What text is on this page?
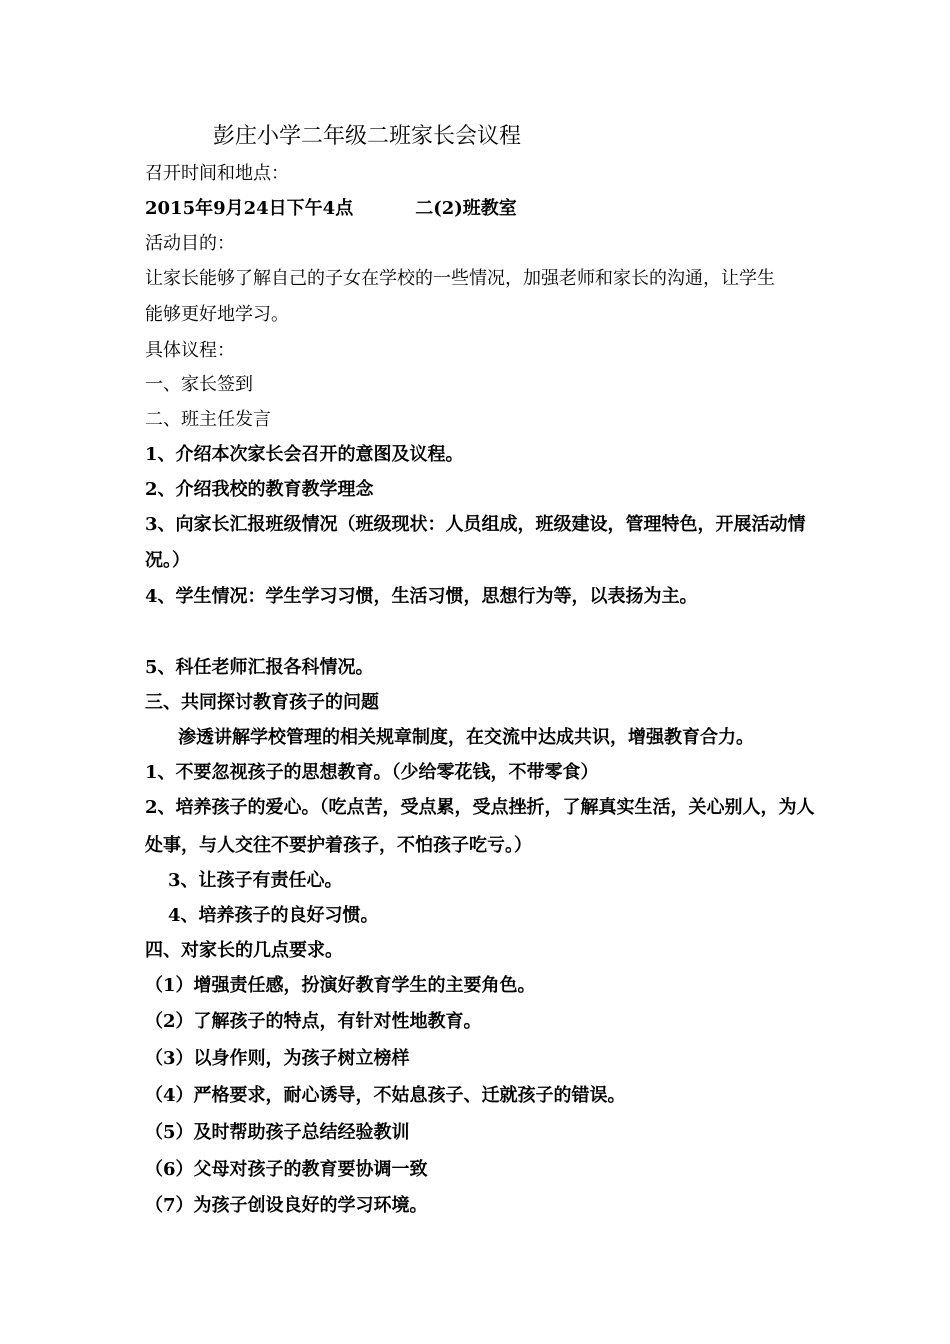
彭庄小学二年级二班家长会议程

召开时间和地点：

2015年9月24日下午4点	二(2)班教室

活动目的：

让家长能够了解自己的子女在学校的一些情况，加强老师和家长的沟通，让学生

能够更好地学习。

具体议程：

一、家长签到

二、班主任发言

1、介绍本次家长会召开的意图及议程。

2、介绍我校的教育教学理念

3、向家长汇报班级情况（班级现状：人员组成，班级建设，管理特色，开展活动情

况。）

4、学生情况：学生学习习惯，生活习惯，思想行为等，以表扬为主。

5、科任老师汇报各科情况。

三、共同探讨教育孩子的问题

渗透讲解学校管理的相关规章制度，在交流中达成共识，增强教育合力。

1、不要忽视孩子的思想教育。（少给零花钱，不带零食）

2、培养孩子的爱心。（吃点苦，受点累，受点挫折，了解真实生活，关心别人，为人

处事，与人交往不要护着孩子，不怕孩子吃亏。）

3、让孩子有责任心。

4、培养孩子的良好习惯。

四、对家长的几点要求。

（1）增强责任感，扮演好教育学生的主要角色。

（2）了解孩子的特点，有针对性地教育。

（3）以身作则，为孩子树立榜样

（4）严格要求，耐心诱导，不姑息孩子、迁就孩子的错误。

（5）及时帮助孩子总结经验教训

（6）父母对孩子的教育要协调一致

（7）为孩子创设良好的学习环境。
